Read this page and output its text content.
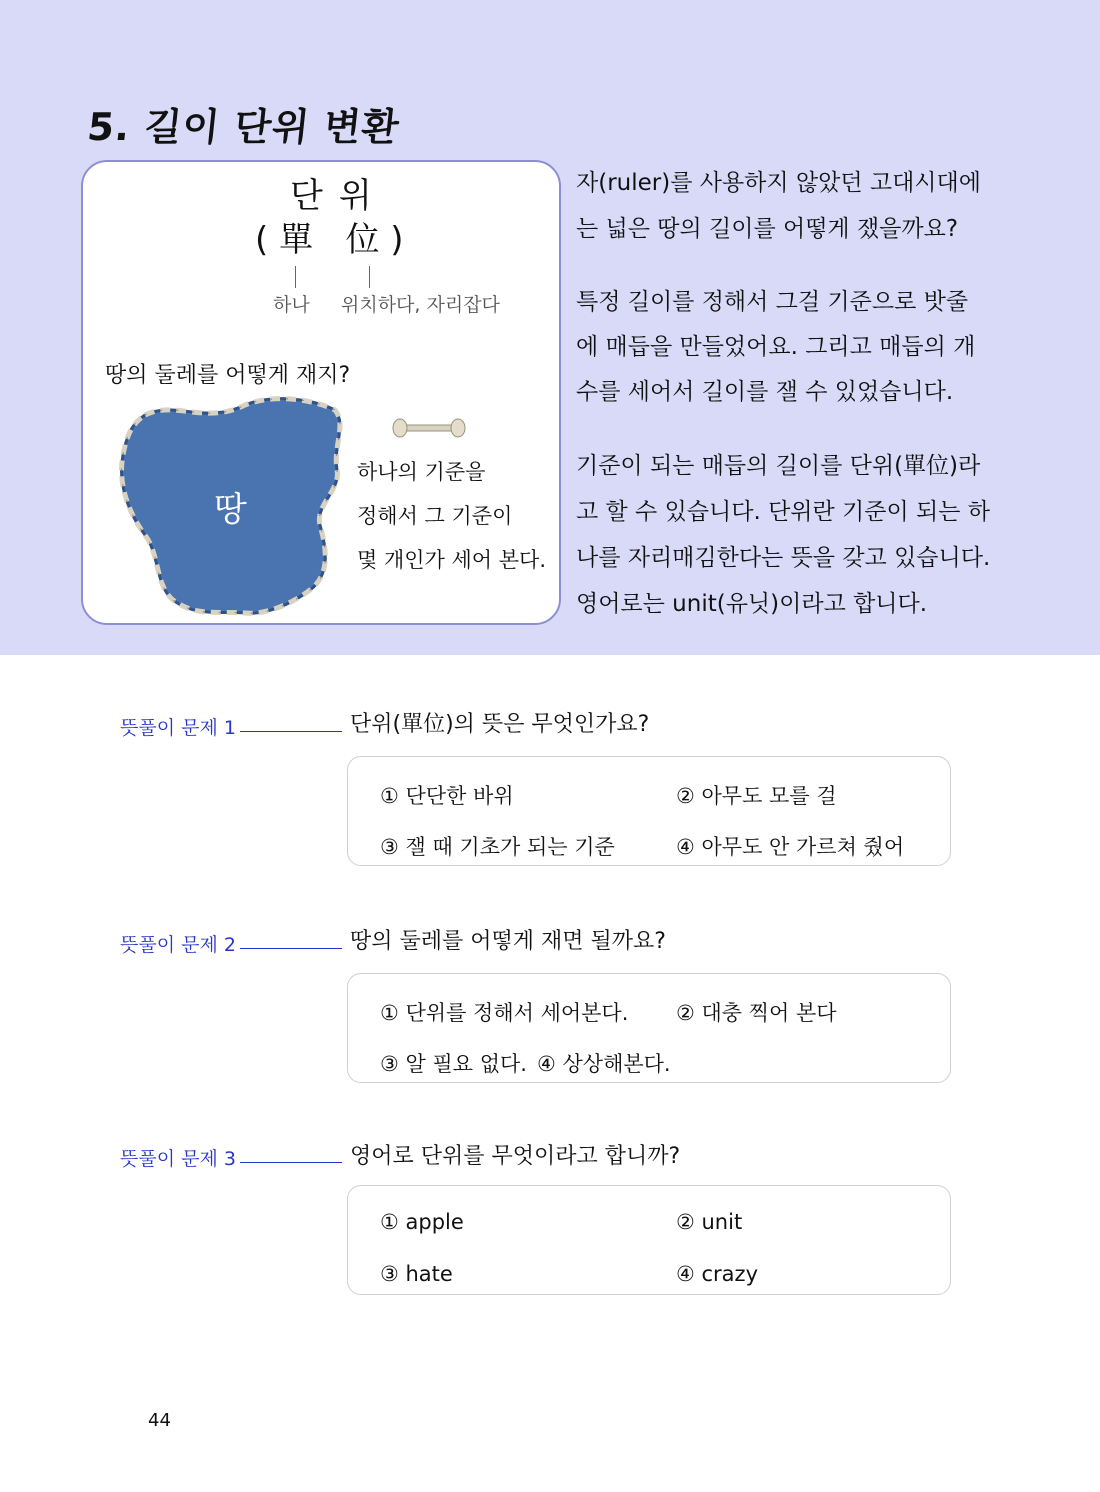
5. 길이 단위 변환
단위
( 單   位 )
하나 위치하다, 자리잡다
땅의 둘레를 어떻게 재지?
땅
하나의 기준을
정해서 그 기준이
몇 개인가 세어 본다.

자(ruler)를 사용하지 않았던 고대시대에
는 넓은 땅의 길이를 어떻게 쟀을까요?

특정 길이를 정해서 그걸 기준으로 밧줄
에 매듭을 만들었어요. 그리고 매듭의 개
수를 세어서 길이를 잴 수 있었습니다.

기준이 되는 매듭의 길이를 단위(單位)라
고 할 수 있습니다. 단위란 기준이 되는 하
나를 자리매김한다는 뜻을 갖고 있습니다.
영어로는 unit(유닛)이라고 합니다.

뜻풀이 문제 1	단위(單位)의 뜻은 무엇인가요?
① 단단한 바위	② 아무도 모를 걸
③ 잴 때 기초가 되는 기준	④ 아무도 안 가르쳐 줬어
뜻풀이 문제 2	땅의 둘레를 어떻게 재면 될까요?
① 단위를 정해서 세어본다. ② 대충 찍어 본다
③ 알 필요 없다. ④ 상상해본다.
뜻풀이 문제 3	영어로 단위를 무엇이라고 합니까?
① apple	② unit
③ hate	④ crazy
44
